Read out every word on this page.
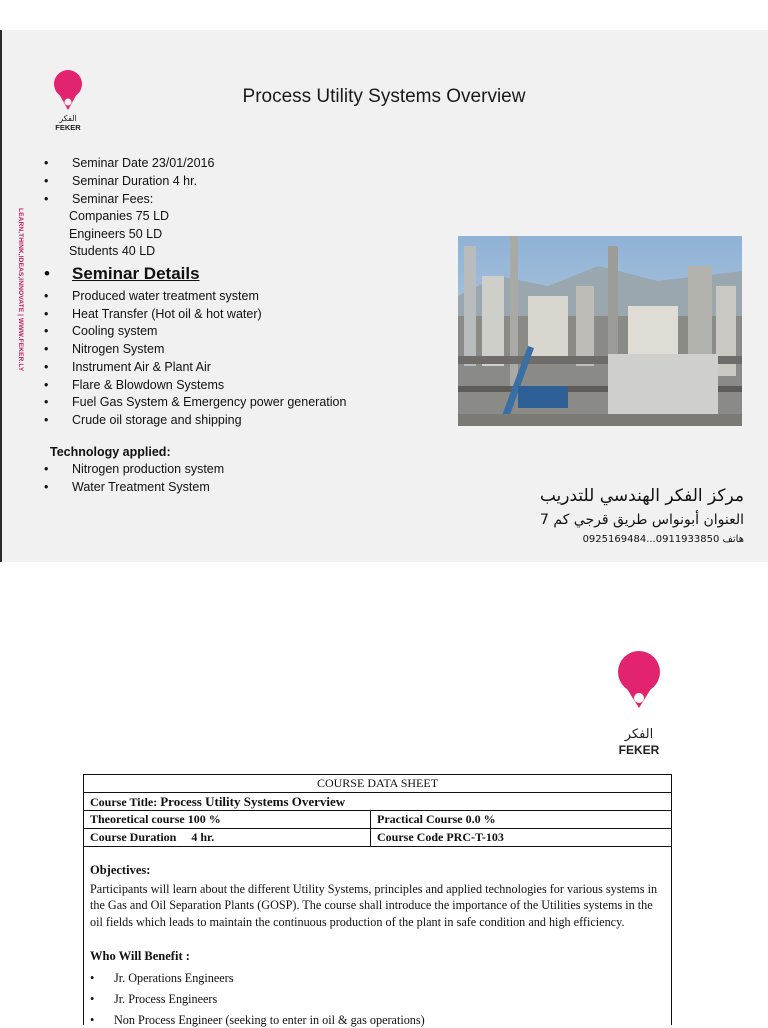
الفكر
FEKER
Process Utility Systems Overview
LEARN,THINK,IDEAS,INNOVATE | WWW.FEKER.LY
• Seminar Date 23/01/2016
• Seminar Duration 4 hr.
• Seminar Fees:
Companies 75 LD
Engineers 50 LD
Students 40 LD
• Seminar Details
• Produced water treatment system
• Heat Transfer (Hot oil & hot water)
• Cooling system
• Nitrogen System
• Instrument Air & Plant Air
• Flare & Blowdown Systems
• Fuel Gas System & Emergency power generation
• Crude oil storage and shipping
Technology applied:
• Nitrogen production system
• Water Treatment System	مركز الفكر الهندسي للتدريب
العنوان أبونواس طريق قرجي كم 7
هاتف 0911933850...0925169484
الفكر
FEKER
COURSE DATA SHEET
Course Title: Process Utility Systems Overview
Theoretical course 100 %	Practical Course 0.0 %
Course Duration 4 hr.	Course Code PRC-T-103
Objectives:
Participants will learn about the different Utility Systems, principles and applied technologies for various systems in the Gas and Oil Separation Plants (GOSP). The course shall introduce the importance of the Utilities systems in the oil fields which leads to maintain the continuous production of the plant in safe condition and high efficiency.
Who Will Benefit :
• Jr. Operations Engineers
• Jr. Process Engineers
• Non Process Engineer (seeking to enter in oil & gas operations)
